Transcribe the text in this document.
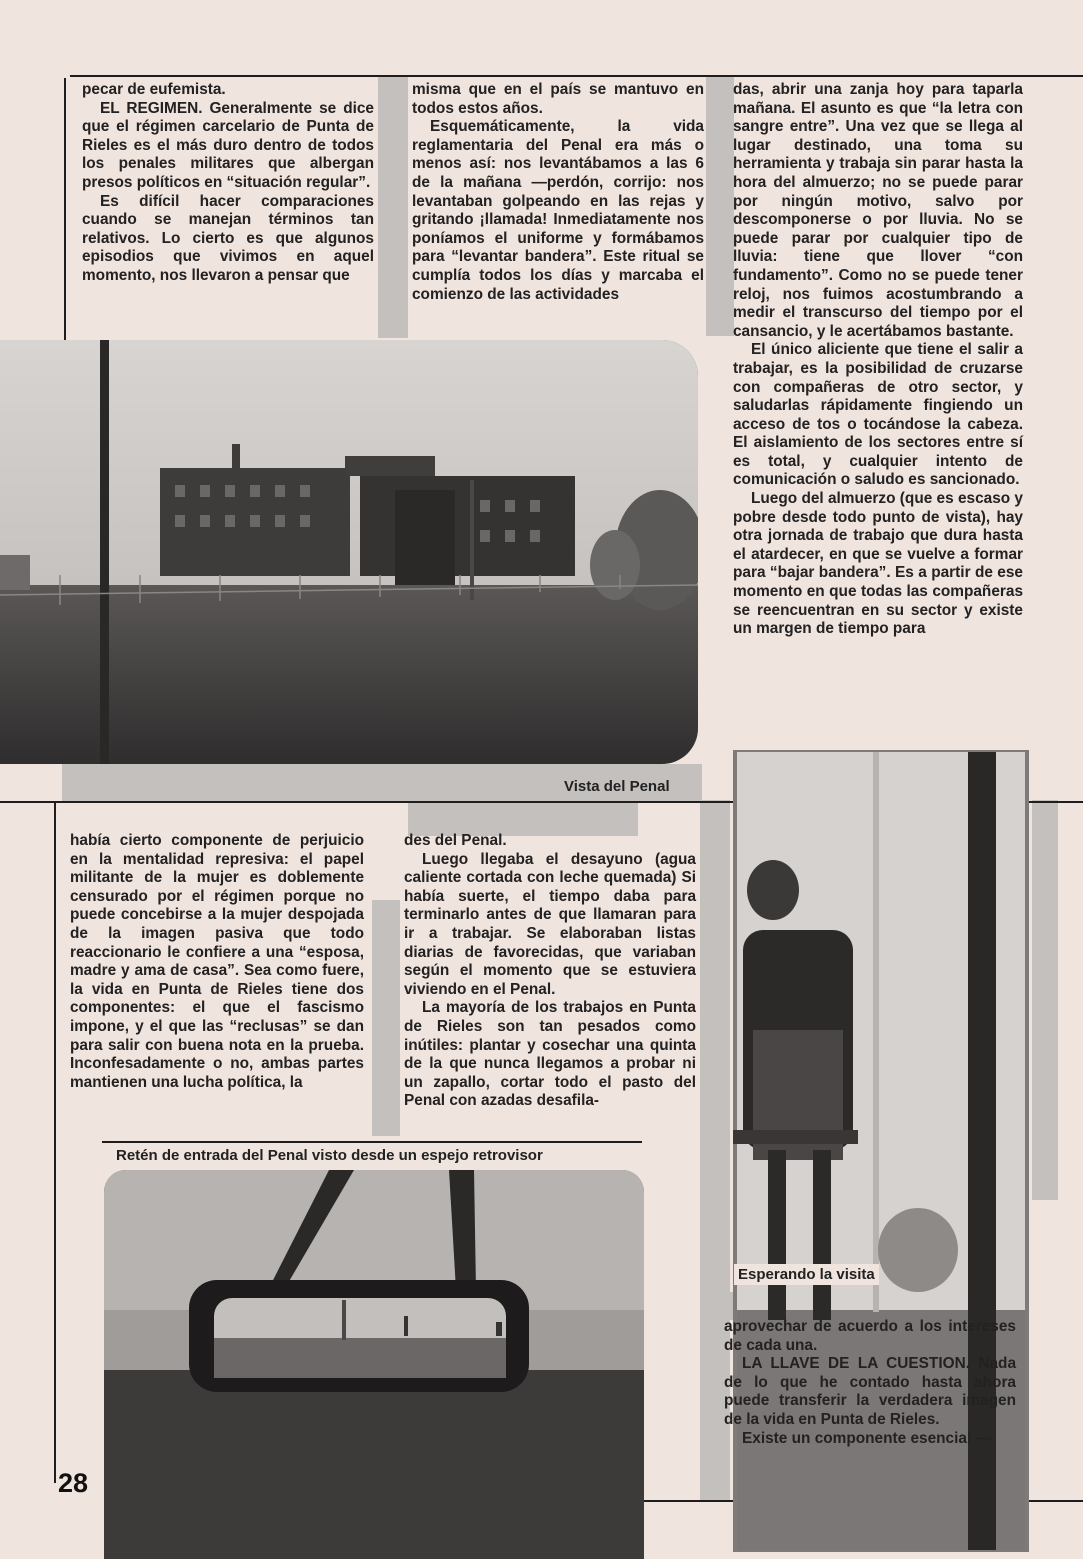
pecar de eufemista.

EL REGIMEN. Generalmente se dice que el régimen carcelario de Punta de Rieles es el más duro dentro de todos los penales militares que albergan presos políticos en “situación regular”.

Es difícil hacer comparaciones cuando se manejan términos tan relativos. Lo cierto es que algunos episodios que vivimos en aquel momento, nos llevaron a pensar que

misma que en el país se mantuvo en todos estos años.

Esquemáticamente, la vida reglamentaria del Penal era más o menos así: nos levantábamos a las 6 de la mañana —perdón, corrijo: nos levantaban golpeando en las rejas y gritando ¡llamada! Inmediatamente nos poníamos el uniforme y formábamos para “levantar bandera”. Este ritual se cumplía todos los días y marcaba el comienzo de las actividades

das, abrir una zanja hoy para taparla mañana. El asunto es que “la letra con sangre entre”. Una vez que se llega al lugar destinado, una toma su herramienta y trabaja sin parar hasta la hora del almuerzo; no se puede parar por ningún motivo, salvo por descomponerse o por lluvia. No se puede parar por cualquier tipo de lluvia: tiene que llover “con fundamento”. Como no se puede tener reloj, nos fuimos acostumbrando a medir el transcurso del tiempo por el cansancio, y le acertábamos bastante.

El único aliciente que tiene el salir a trabajar, es la posibilidad de cruzarse con compañeras de otro sector, y saludarlas rápidamente fingiendo un acceso de tos o tocándose la cabeza. El aislamiento de los sectores entre sí es total, y cualquier intento de comunicación o saludo es sancionado.

Luego del almuerzo (que es escaso y pobre desde todo punto de vista), hay otra jornada de trabajo que dura hasta el atardecer, en que se vuelve a formar para “bajar bandera”. Es a partir de ese momento en que todas las compañeras se reencuentran en su sector y existe un margen de tiempo para

Vista del Penal

había cierto componente de perjuicio en la mentalidad represiva: el papel militante de la mujer es doblemente censurado por el régimen porque no puede concebirse a la mujer despojada de la imagen pasiva que todo reaccionario le confiere a una “esposa, madre y ama de casa”. Sea como fuere, la vida en Punta de Rieles tiene dos componentes: el que el fascismo impone, y el que las “reclusas” se dan para salir con buena nota en la prueba. Inconfesadamente o no, ambas partes mantienen una lucha política, la

des del Penal.

Luego llegaba el desayuno (agua caliente cortada con leche quemada) Si había suerte, el tiempo daba para terminarlo antes de que llamaran para ir a trabajar. Se elaboraban listas diarias de favorecidas, que variaban según el momento que se estuviera viviendo en el Penal.

La mayoría de los trabajos en Punta de Rieles son tan pesados como inútiles: plantar y cosechar una quinta de la que nunca llegamos a probar ni un zapallo, cortar todo el pasto del Penal con azadas desafila-

Esperando la visita

aprovechar de acuerdo a los intereses de cada una.

LA LLAVE DE LA CUESTION. Nada de lo que he contado hasta ahora puede transferir la verdadera imagen de la vida en Punta de Rieles.

Existe un componente esencial —

Retén de entrada del Penal visto desde un espejo retrovisor
28
